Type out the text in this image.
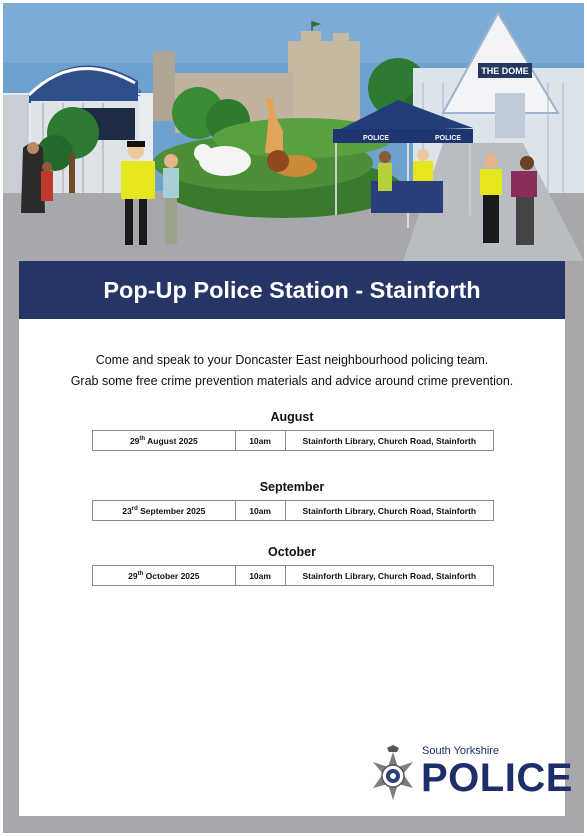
Frenchgate
THE DOME
POLICE	POLICE
Pop-Up Police Station - Stainforth

Come and speak to your Doncaster East neighbourhood policing team.

Grab some free crime prevention materials and advice around crime prevention.

August
29th August 2025	10am	Stainforth Library, Church Road, Stainforth
September
23rd September 2025	10am	Stainforth Library, Church Road, Stainforth
October
29th October 2025	10am	Stainforth Library, Church Road, Stainforth
South Yorkshire
POLICE
